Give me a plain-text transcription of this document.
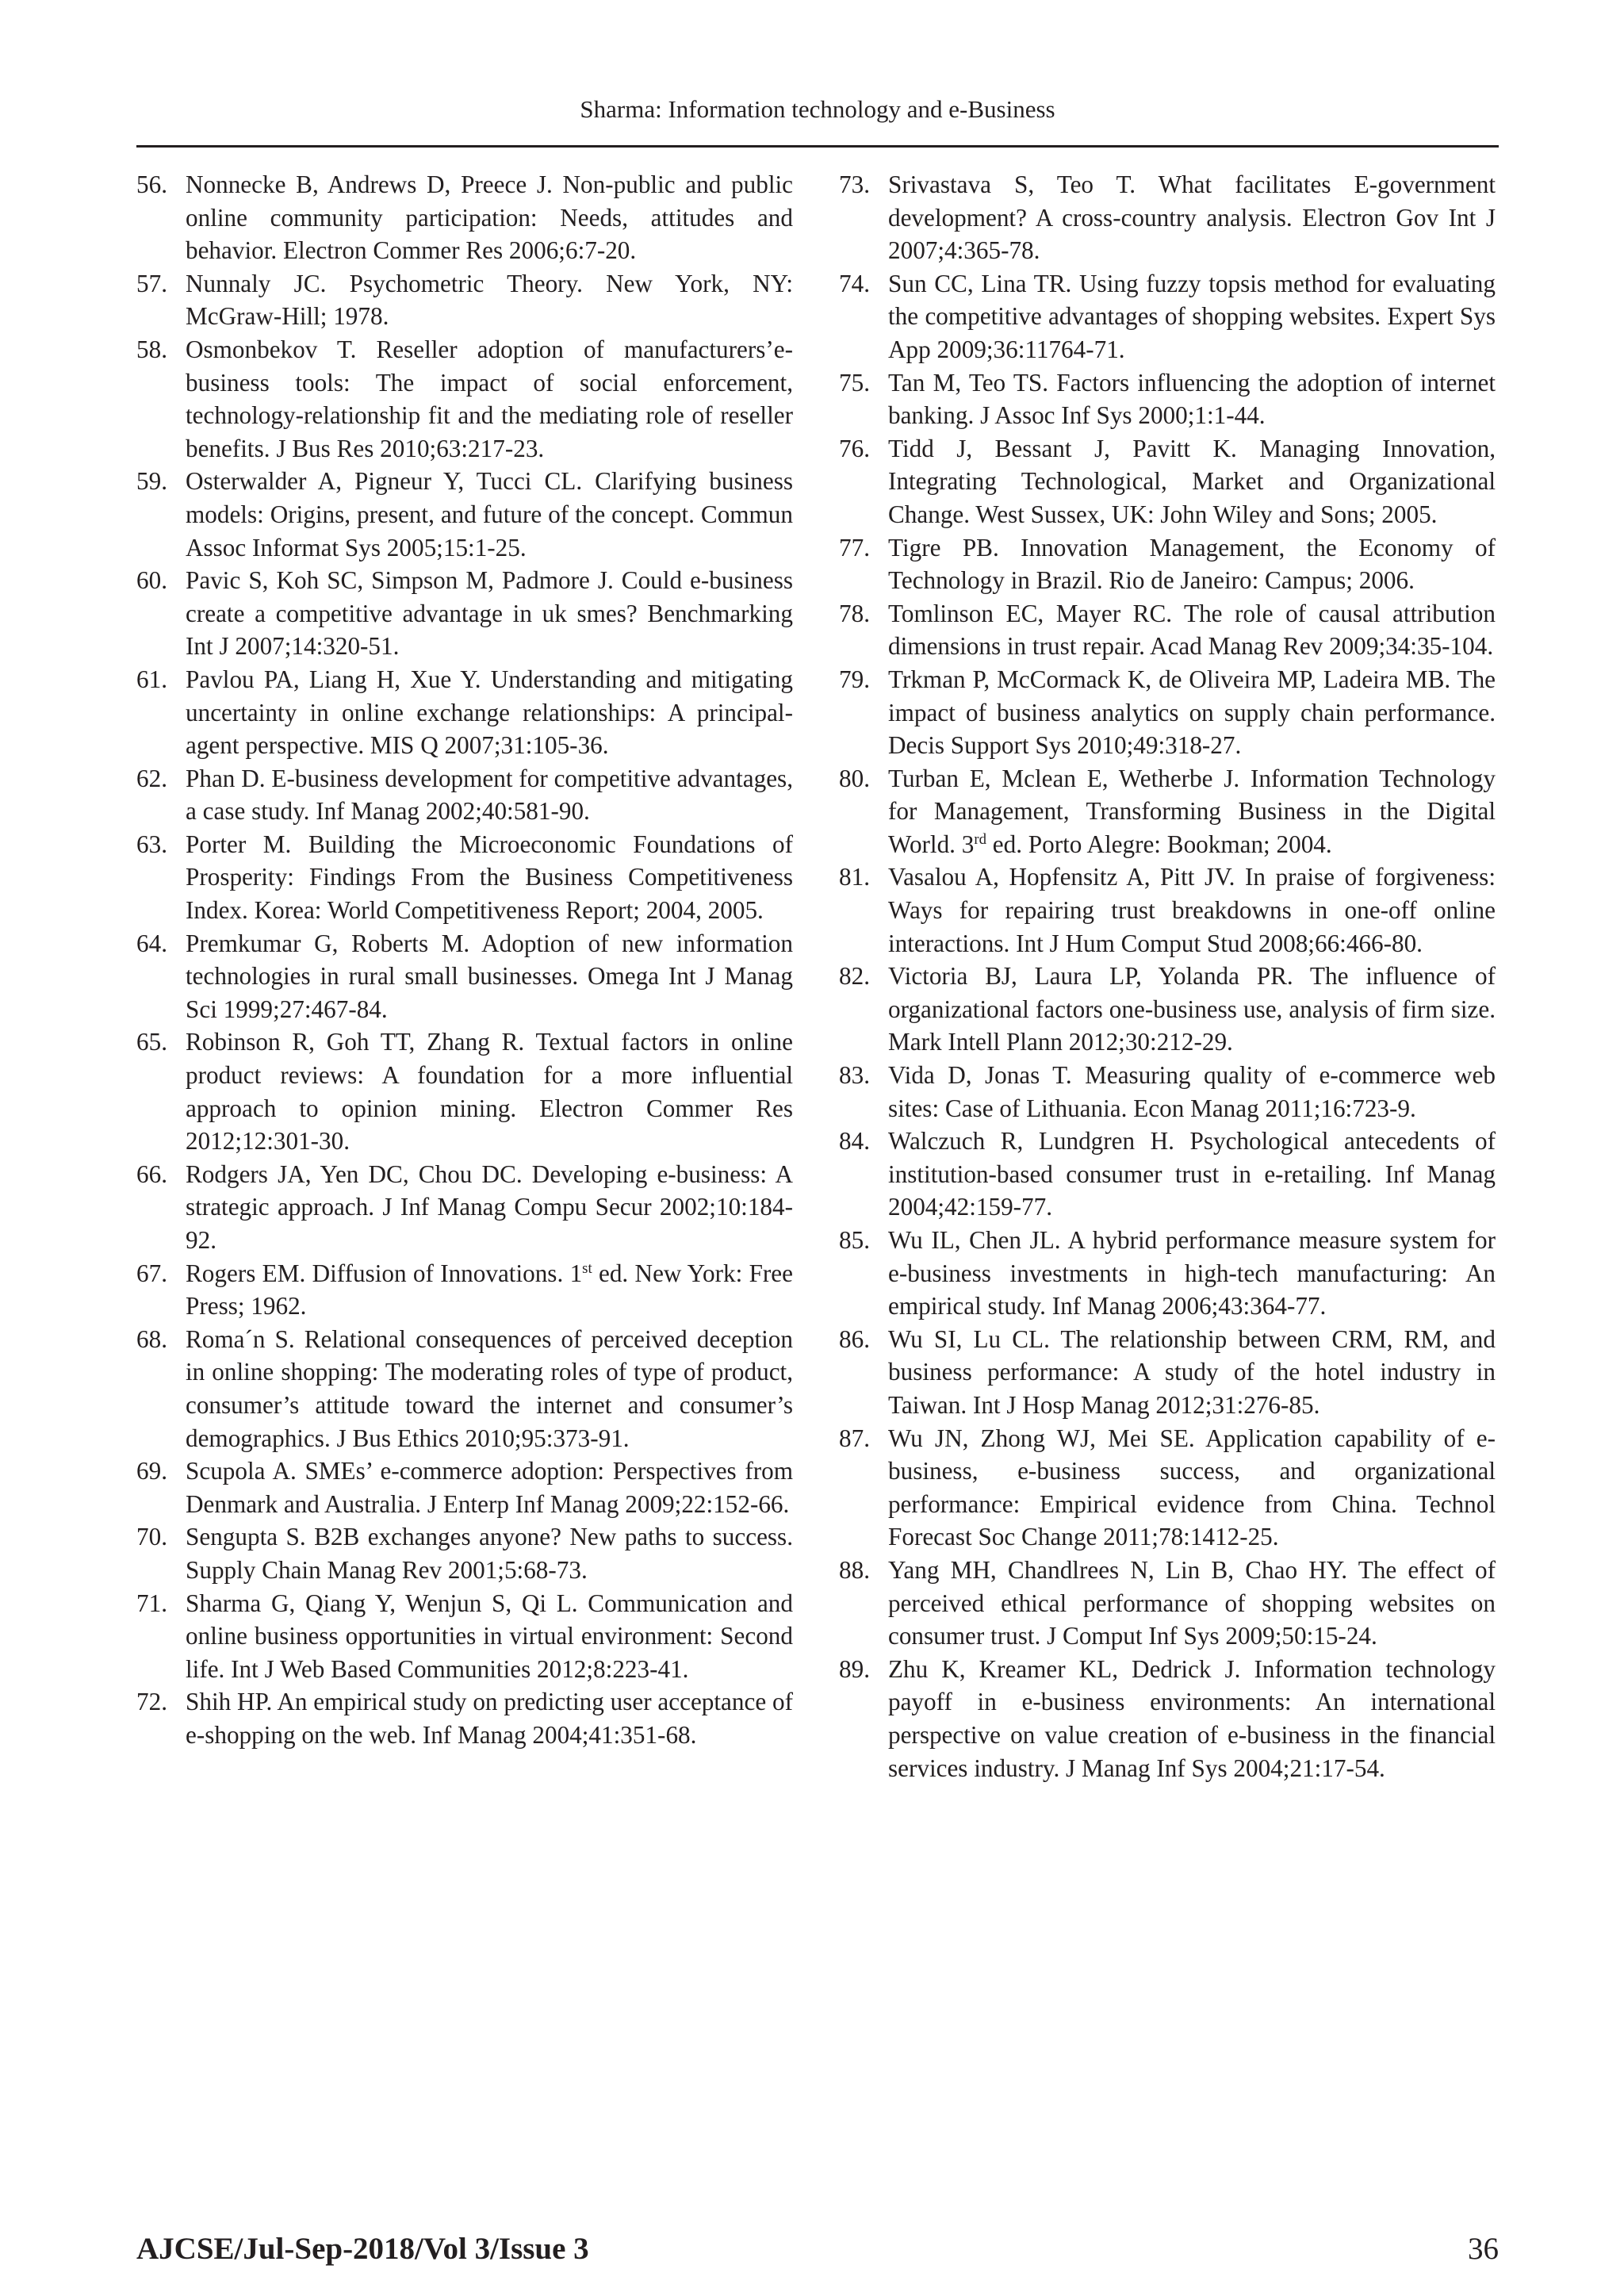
Sharma: Information technology and e-Business
56. Nonnecke B, Andrews D, Preece J. Non-public and public online community participation: Needs, attitudes and behavior. Electron Commer Res 2006;6:7-20.
57. Nunnaly JC. Psychometric Theory. New York, NY: McGraw-Hill; 1978.
58. Osmonbekov T. Reseller adoption of manufacturers’e-business tools: The impact of social enforcement, technology-relationship fit and the mediating role of reseller benefits. J Bus Res 2010;63:217-23.
59. Osterwalder A, Pigneur Y, Tucci CL. Clarifying business models: Origins, present, and future of the concept. Commun Assoc Informat Sys 2005;15:1-25.
60. Pavic S, Koh SC, Simpson M, Padmore J. Could e-business create a competitive advantage in uk smes? Benchmarking Int J 2007;14:320-51.
61. Pavlou PA, Liang H, Xue Y. Understanding and mitigating uncertainty in online exchange relationships: A principal-agent perspective. MIS Q 2007;31:105-36.
62. Phan D. E-business development for competitive advantages, a case study. Inf Manag 2002;40:581-90.
63. Porter M. Building the Microeconomic Foundations of Prosperity: Findings From the Business Competitiveness Index. Korea: World Competitiveness Report; 2004, 2005.
64. Premkumar G, Roberts M. Adoption of new information technologies in rural small businesses. Omega Int J Manag Sci 1999;27:467-84.
65. Robinson R, Goh TT, Zhang R. Textual factors in online product reviews: A foundation for a more influential approach to opinion mining. Electron Commer Res 2012;12:301-30.
66. Rodgers JA, Yen DC, Chou DC. Developing e-business: A strategic approach. J Inf Manag Compu Secur 2002;10:184-92.
67. Rogers EM. Diffusion of Innovations. 1st ed. New York: Free Press; 1962.
68. Roma´n S. Relational consequences of perceived deception in online shopping: The moderating roles of type of product, consumer’s attitude toward the internet and consumer’s demographics. J Bus Ethics 2010;95:373-91.
69. Scupola A. SMEs’ e-commerce adoption: Perspectives from Denmark and Australia. J Enterp Inf Manag 2009;22:152-66.
70. Sengupta S. B2B exchanges anyone? New paths to success. Supply Chain Manag Rev 2001;5:68-73.
71. Sharma G, Qiang Y, Wenjun S, Qi L. Communication and online business opportunities in virtual environment: Second life. Int J Web Based Communities 2012;8:223-41.
72. Shih HP. An empirical study on predicting user acceptance of e-shopping on the web. Inf Manag 2004;41:351-68.
73. Srivastava S, Teo T. What facilitates E-government development? A cross-country analysis. Electron Gov Int J 2007;4:365-78.
74. Sun CC, Lina TR. Using fuzzy topsis method for evaluating the competitive advantages of shopping websites. Expert Sys App 2009;36:11764-71.
75. Tan M, Teo TS. Factors influencing the adoption of internet banking. J Assoc Inf Sys 2000;1:1-44.
76. Tidd J, Bessant J, Pavitt K. Managing Innovation, Integrating Technological, Market and Organizational Change. West Sussex, UK: John Wiley and Sons; 2005.
77. Tigre PB. Innovation Management, the Economy of Technology in Brazil. Rio de Janeiro: Campus; 2006.
78. Tomlinson EC, Mayer RC. The role of causal attribution dimensions in trust repair. Acad Manag Rev 2009;34:35-104.
79. Trkman P, McCormack K, de Oliveira MP, Ladeira MB. The impact of business analytics on supply chain performance. Decis Support Sys 2010;49:318-27.
80. Turban E, Mclean E, Wetherbe J. Information Technology for Management, Transforming Business in the Digital World. 3rd ed. Porto Alegre: Bookman; 2004.
81. Vasalou A, Hopfensitz A, Pitt JV. In praise of forgiveness: Ways for repairing trust breakdowns in one-off online interactions. Int J Hum Comput Stud 2008;66:466-80.
82. Victoria BJ, Laura LP, Yolanda PR. The influence of organizational factors one-business use, analysis of firm size. Mark Intell Plann 2012;30:212-29.
83. Vida D, Jonas T. Measuring quality of e-commerce web sites: Case of Lithuania. Econ Manag 2011;16:723-9.
84. Walczuch R, Lundgren H. Psychological antecedents of institution-based consumer trust in e-retailing. Inf Manag 2004;42:159-77.
85. Wu IL, Chen JL. A hybrid performance measure system for e-business investments in high-tech manufacturing: An empirical study. Inf Manag 2006;43:364-77.
86. Wu SI, Lu CL. The relationship between CRM, RM, and business performance: A study of the hotel industry in Taiwan. Int J Hosp Manag 2012;31:276-85.
87. Wu JN, Zhong WJ, Mei SE. Application capability of e-business, e-business success, and organizational performance: Empirical evidence from China. Technol Forecast Soc Change 2011;78:1412-25.
88. Yang MH, Chandlrees N, Lin B, Chao HY. The effect of perceived ethical performance of shopping websites on consumer trust. J Comput Inf Sys 2009;50:15-24.
89. Zhu K, Kreamer KL, Dedrick J. Information technology payoff in e-business environments: An international perspective on value creation of e-business in the financial services industry. J Manag Inf Sys 2004;21:17-54.
AJCSE/Jul-Sep-2018/Vol 3/Issue 3	36
